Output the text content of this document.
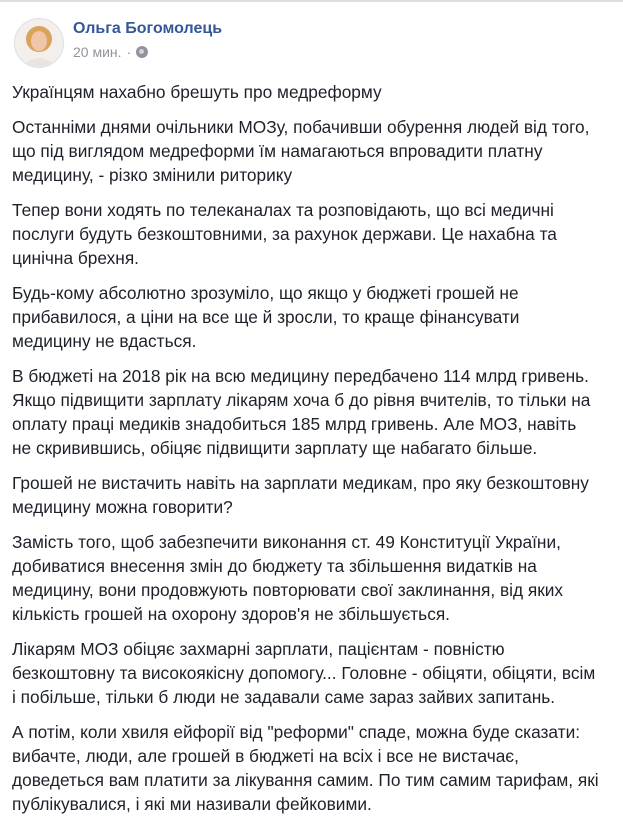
Ольга Богомолець
20 мин. ·

Українцям нахабно брешуть про медреформу

Останніми днями очільники МОЗу, побачивши обурення людей від того,
що під виглядом медреформи їм намагаються впровадити платну
медицину, - різко змінили риторику

Тепер вони ходять по телеканалах та розповідають, що всі медичні
послуги будуть безкоштовними, за рахунок держави. Це нахабна та
цинічна брехня.

Будь-кому абсолютно зрозуміло, що якщо у бюджеті грошей не
прибавилося, а ціни на все ще й зросли, то краще фінансувати
медицину не вдасться.

В бюджеті на 2018 рік на всю медицину передбачено 114 млрд гривень.
Якщо підвищити зарплату лікарям хоча б до рівня вчителів, то тільки на
оплату праці медиків знадобиться 185 млрд гривень. Але МОЗ, навіть
не скривившись, обіцяє підвищити зарплату ще набагато більше.

Грошей не вистачить навіть на зарплати медикам, про яку безкоштовну
медицину можна говорити?

Замість того, щоб забезпечити виконання ст. 49 Конституції України,
добиватися внесення змін до бюджету та збільшення видатків на
медицину, вони продовжують повторювати свої заклинання, від яких
кількість грошей на охорону здоров'я не збільшується.

Лікарям МОЗ обіцяє захмарні зарплати, пацієнтам - повністю
безкоштовну та високоякісну допомогу... Головне - обіцяти, обіцяти, всім
і побільше, тільки б люди не задавали саме зараз зайвих запитань.

А потім, коли хвиля ейфорії від "реформи" спаде, можна буде сказати:
вибачте, люди, але грошей в бюджеті на всіх і все не вистачає,
доведеться вам платити за лікування самим. По тим самим тарифам, які
публікувалися, і які ми називали фейковими.
